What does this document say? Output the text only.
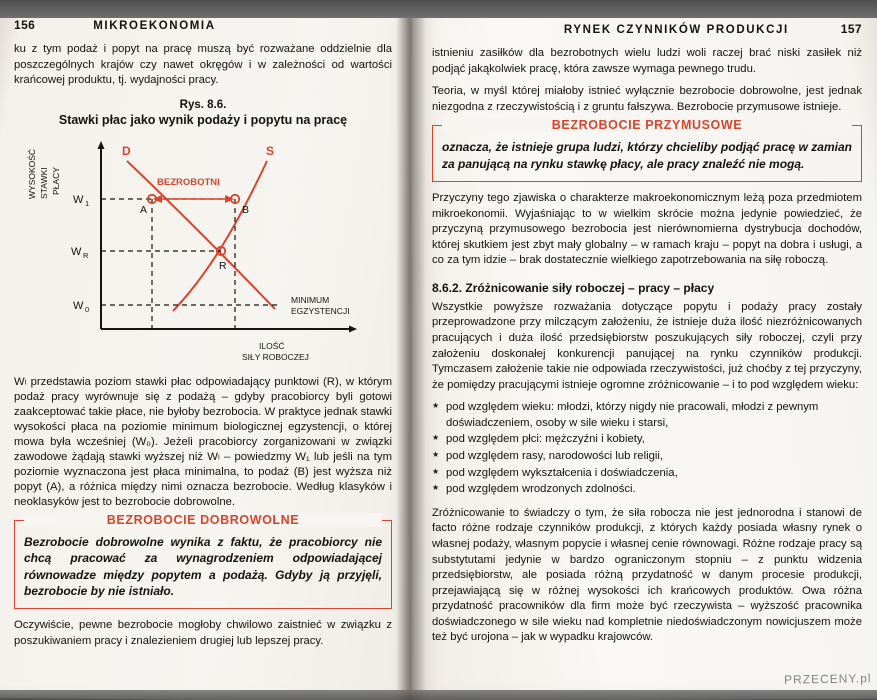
156	MIKROEKONOMIA

ku z tym podaż i popyt na pracę muszą być rozważane oddzielnie dla poszczególnych krajów czy nawet okręgów i w zależności od wartości krańcowej produktu, tj. wydajności pracy.

Rys. 8.6.
Stawki płac jako wynik podaży i popytu na pracę
D	S
BEZROBOTNI
A	B
R
W 1
W R
W 0
WYSOKOŚĆ STAWKI PŁACY
MINIMUM
EGZYSTENCJI
ILOŚĆ
SIŁY ROBOCZEJ

Wₗ przedstawia poziom stawki płac odpowiadający punktowi (R), w którym podaż pracy wyrównuje się z podażą – gdyby pracobiorcy byli gotowi zaakceptować takie płace, nie byłoby bezrobocia. W praktyce jednak stawki wysokości płaca na poziomie minimum biologicznej egzystencji, o której mowa była wcześniej (W₀). Jeżeli pracobiorcy zorganizowani w związki zawodowe żądają stawki wyższej niż Wₗ – powiedzmy W₁ lub jeśli na tym poziomie wyznaczona jest płaca minimalna, to podaż (B) jest wyższa niż popyt (A), a różnica między nimi oznacza bezrobocie. Według klasyków i neoklasyków jest to bezrobocie dobrowolne.

BEZROBOCIE DOBROWOLNE
Bezrobocie dobrowolne wynika z faktu, że pracobiorcy nie chcą pracować za wynagrodzeniem odpowiadającej równowadze między popytem a podażą. Gdyby ją przyjęli, bezrobocie by nie istniało.

Oczywiście, pewne bezrobocie mogłoby chwilowo zaistnieć w związku z poszukiwaniem pracy i znalezieniem drugiej lub lepszej pracy.

RYNEK CZYNNIKÓW PRODUKCJI	157

istnieniu zasiłków dla bezrobotnych wielu ludzi woli raczej brać niski zasiłek niż podjąć jakąkolwiek pracę, która zawsze wymaga pewnego trudu.

Teoria, w myśl której miałoby istnieć wyłącznie bezrobocie dobrowolne, jest jednak niezgodna z rzeczywistością i z gruntu fałszywa. Bezrobocie przymusowe istnieje.

BEZROBOCIE PRZYMUSOWE
oznacza, że istnieje grupa ludzi, którzy chcieliby podjąć pracę w zamian za panującą na rynku stawkę płacy, ale pracy znaleźć nie mogą.

Przyczyny tego zjawiska o charakterze makroekonomicznym leżą poza przedmiotem mikroekonomii. Wyjaśniając to w wielkim skrócie można jedynie powiedzieć, że przyczyną przymusowego bezrobocia jest nierównomierna dystrybucja dochodów, której skutkiem jest zbyt mały globalny – w ramach kraju – popyt na dobra i usługi, a co za tym idzie – brak dostatecznie wielkiego zapotrzebowania na siłę roboczą.

8.6.2. Zróżnicowanie siły roboczej – pracy – płacy

Wszystkie powyższe rozważania dotyczące popytu i podaży pracy zostały przeprowadzone przy milczącym założeniu, że istnieje duża ilość niezróżnicowanych pracujących i duża ilość przedsiębiorstw poszukujących siły roboczej, czyli przy założeniu doskonałej konkurencji panującej na rynku czynników produkcji. Tymczasem założenie takie nie odpowiada rzeczywistości, już choćby z tej przyczyny, że pomiędzy pracującymi istnieje ogromne zróżnicowanie – i to pod względem wieku:

★ pod względem wieku: młodzi, którzy nigdy nie pracowali, młodzi z pewnym doświadczeniem, osoby w sile wieku i starsi,
★ pod względem płci: mężczyźni i kobiety,
★ pod względem rasy, narodowości lub religii,
★ pod względem wykształcenia i doświadczenia,
★ pod względem wrodzonych zdolności.

Zróżnicowanie to świadczy o tym, że siła robocza nie jest jednorodna i stanowi de facto różne rodzaje czynników produkcji, z których każdy posiada własny rynek o własnej podaży, własnym popycie i własnej cenie równowagi. Różne rodzaje pracy są substytutami jedynie w bardzo ograniczonym stopniu – z punktu widzenia przedsiębiorstw, ale posiada różną przydatność w danym procesie produkcji, przejawiającą się w różnej wysokości ich krańcowych produktów. Owa różna przydatność pracowników dla firm może być rzeczywista – wyższość pracownika doświadczonego w sile wieku nad kompletnie niedoświadczonym nowicjuszem może też być urojona – jak w wypadku krajowców.

PRZECENY.pl
